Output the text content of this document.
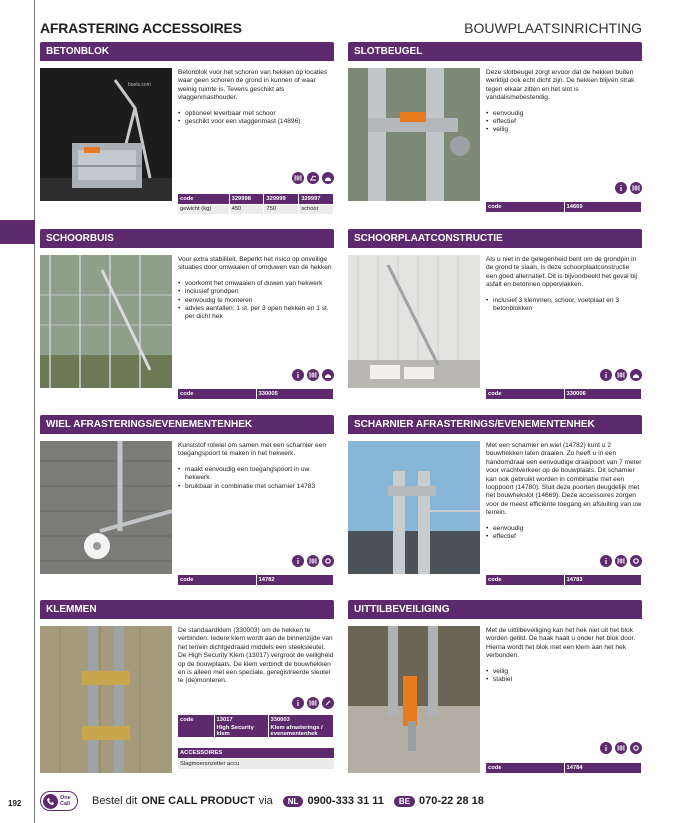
AFRASTERING ACCESSOIRES	BOUWPLAATSINRICHTING
BETONBLOK
boels.com

Betonblok voor het schoren van hekken op locaties waar geen schoren de grond in kunnen of waar weinig ruimte is. Tevens geschikt als vlaggenmasthouder.

• optioneel leverbaar met schoor
• geschikt voor een vlaggenmast (14896)
code	329998	329999	329997
gewicht (kg)	450	750	schoor
SLOTBEUGEL

Deze slotbeugel zorgt ervoor dat de hekken buiten werktijd ook echt dicht zijn. De hekken blijven strak tegen elkaar zitten en het slot is vandalismebestendig.

• eenvoudig
• effectief
• veilig
code	14669
SCHOORBUIS

Voor extra stabiliteit. Beperkt het risico op onveilige situaties door omwaaien of omduwen van de hekken

• voorkomt het omwaaien of duwen van hekwerk
• inclusief grondpen
• eenvoudig te monteren
• advies aantallen: 1 st. per 3 open hekken en 1 st. per dicht hek
code	330005
SCHOORPLAATCONSTRUCTIE

Als u niet in de gelegenheid bent om de grondpin in de grond te slaan, is deze schoorplaatconstructie een goed alternatief. Dit is bijvoorbeeld het geval bij asfalt en betonnen oppervlakken.

• inclusief 3 klemmen, schoor, voetplaat en 3 betonblokken
code	330006
WIEL AFRASTERINGS/EVENEMENTENHEK

Kunststof rolwiel om samen met een scharnier een toegangspoort te maken in het hekwerk.

• maakt eenvoudig een toegangspoort in uw hekwerk
• bruikbaar in combinatie met scharnier 14783
code	14782
SCHARNIER AFRASTERINGS/EVENEMENTENHEK

Met een scharnier en wiel (14782) kunt u 2 bouwhekken laten draaien. Zo heeft u in een handomdraai een eenvoudige draaipoort van 7 meter voor vrachtverkeer op de bouwplaats. Dit scharnier kan ook gebruikt worden in combinatie met een looppoort (14780). Sluit deze poorten deugdelijk met het bouwhekslot (14669). Deze accessoires zorgen voor de meest efficiënte toegang en afsluiting van uw terrein.

• eenvoudig
• effectief
code	14783
KLEMMEN

De standaardklem (330003) om de hekken te verbinden. Iedere klem wordt aan de binnenzijde van het terrein dichtgedraaid middels een steeksleutel. De High Security Klem (13017) vergroot de veiligheid op de bouwplaats. De klem verbindt de bouwhekken en is alleen met een speciale, geregistreerde sleutel te (de)monteren.

code	13017	330003
	High Security klem	Klem afrasterings / evenementenhek
ACCESSOIRES
Slagmoersnzetter accu
UITTILBEVEILIGING

Met de uittilbeveiliging kan het hek niet uit het blok worden getild. De haak haalt u onder het blok door. Hierna wordt het blok met een klem aan het hek verbonden.

• veilig
• stabiel
code	14784
192
One
Call Bestel dit ONE CALL PRODUCT via	NL 0900-333 31 11	BE 070-22 28 18
